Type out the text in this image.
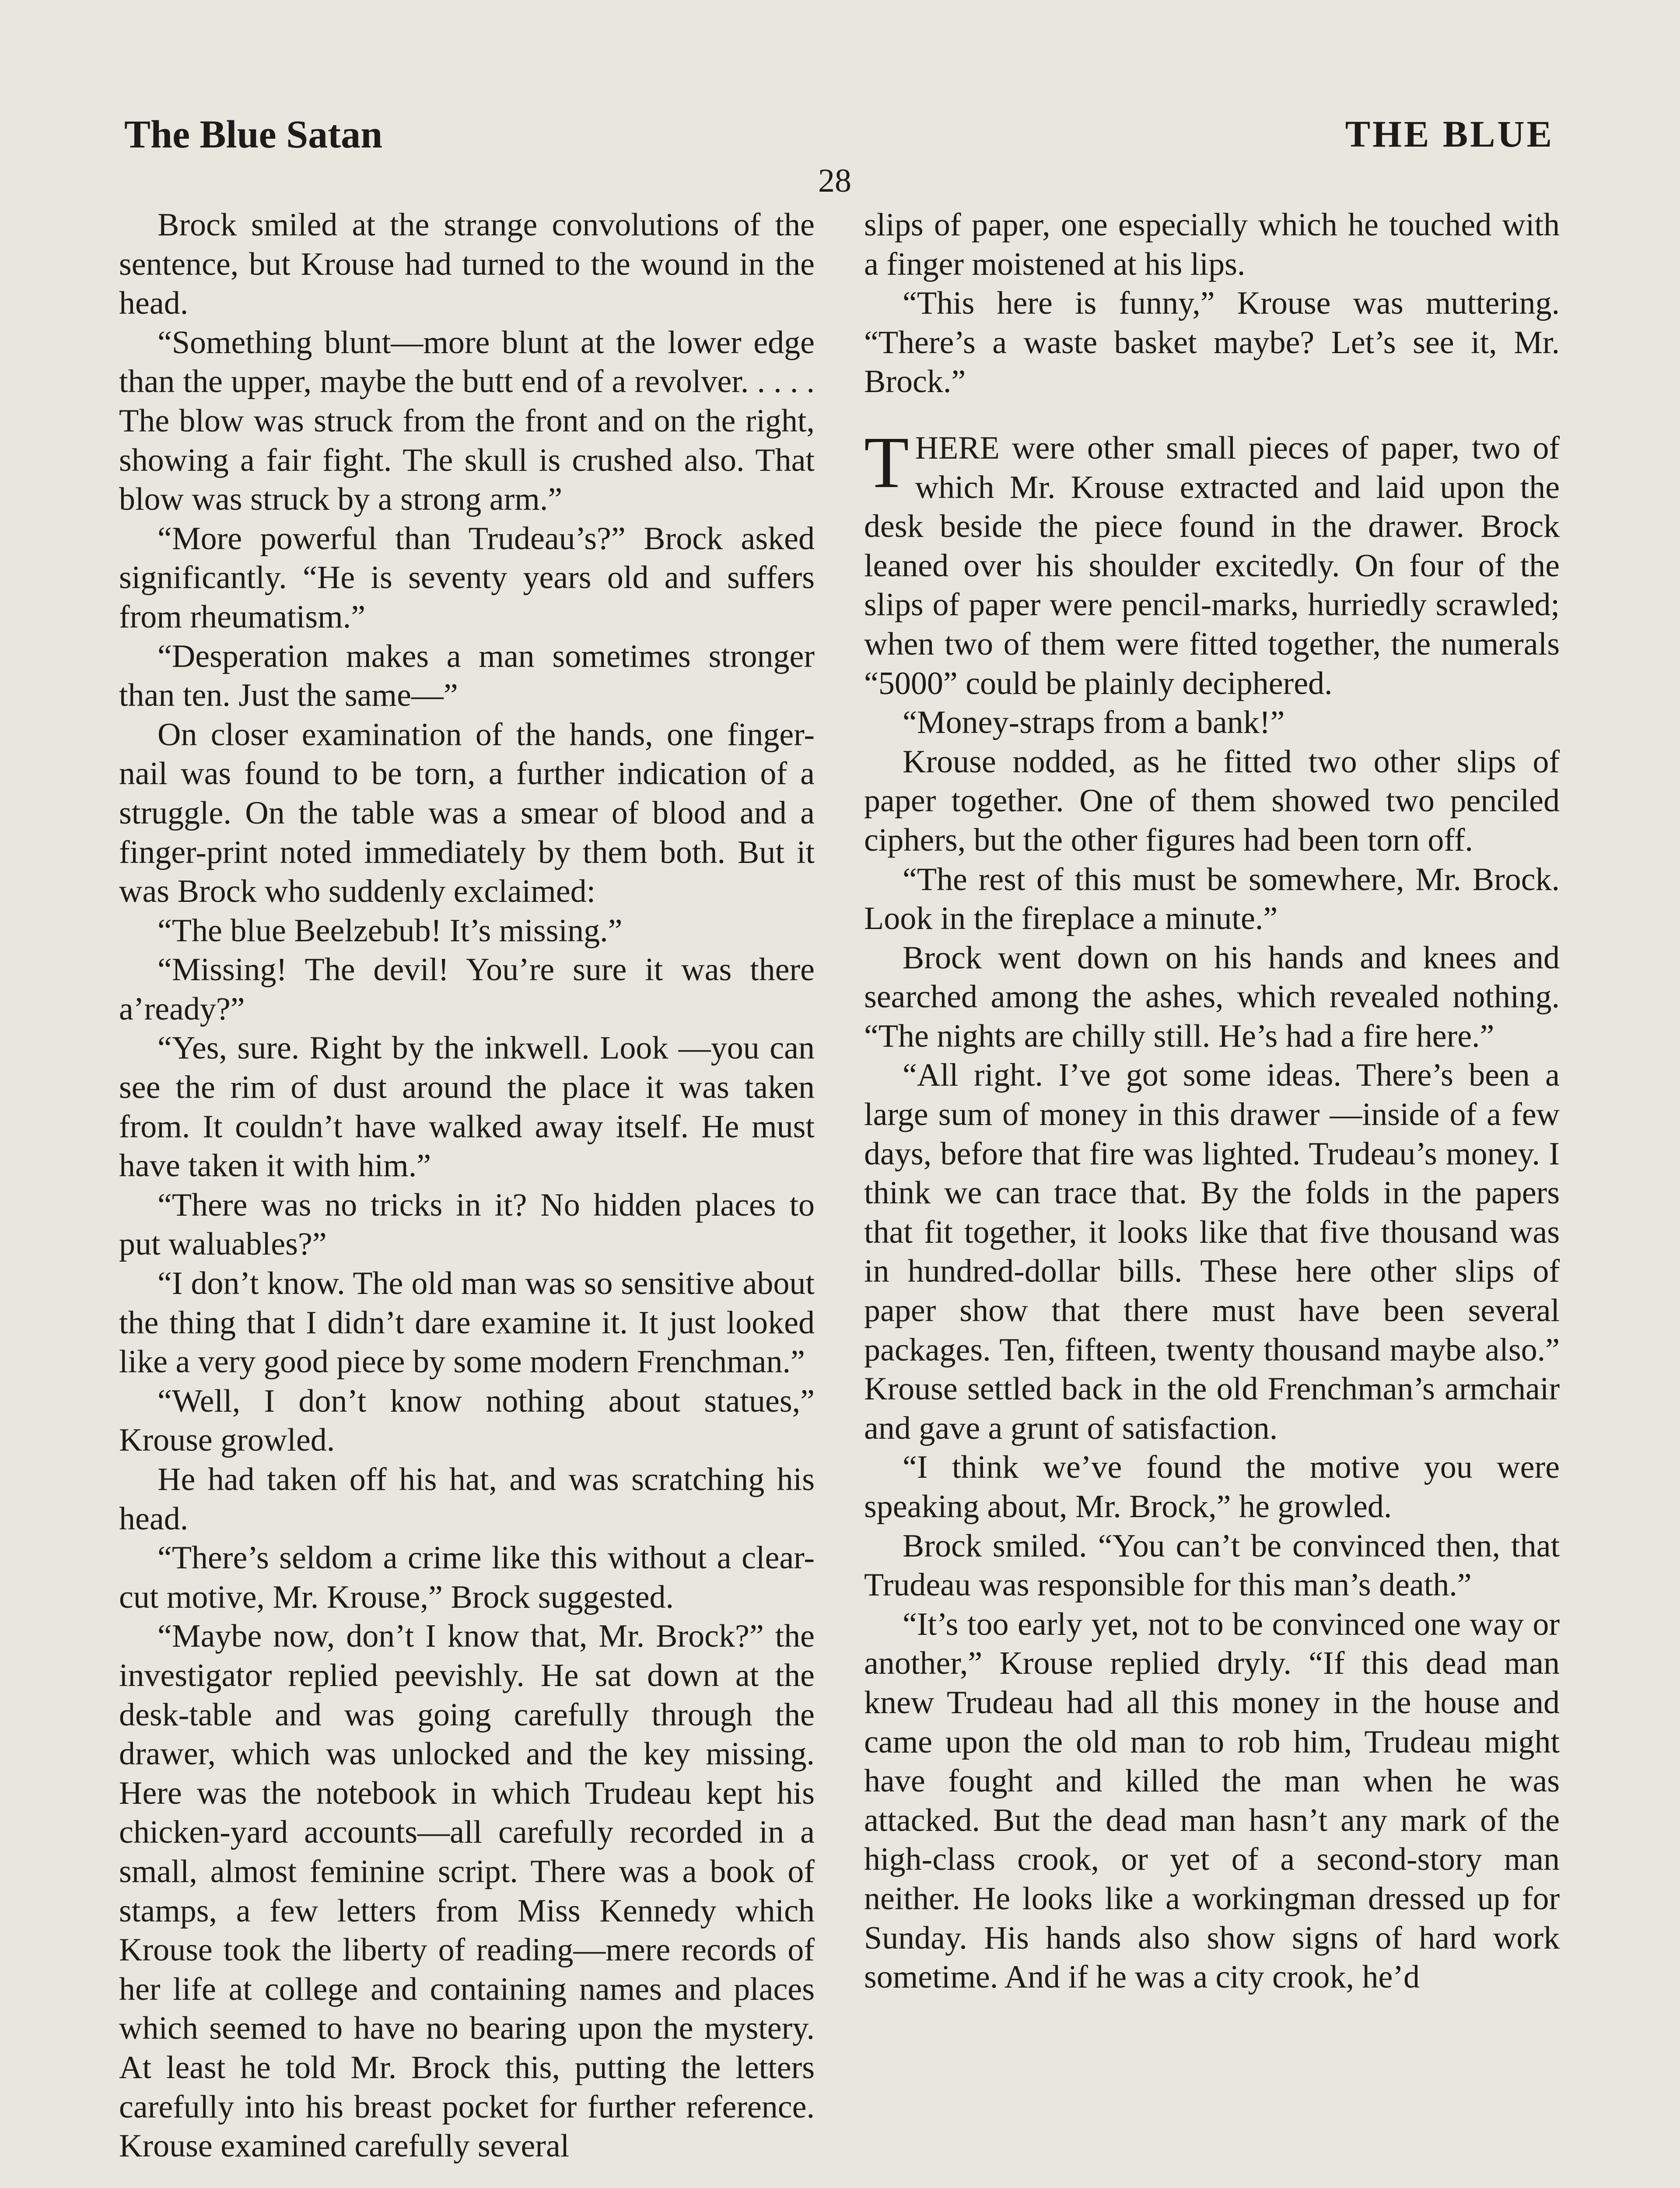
The Blue Satan	THE BLUE
28

Brock smiled at the strange convolutions of the sentence, but Krouse had turned to the wound in the head.

“Something blunt—more blunt at the lower edge than the upper, maybe the butt end of a revolver. . . . . The blow was struck from the front and on the right, showing a fair fight. The skull is crushed also. That blow was struck by a strong arm.”

“More powerful than Trudeau’s?” Brock asked significantly. “He is seventy years old and suffers from rheumatism.”

“Desperation makes a man sometimes stronger than ten. Just the same—”

On closer examination of the hands, one finger-nail was found to be torn, a further indication of a struggle. On the table was a smear of blood and a finger-print noted immediately by them both. But it was Brock who suddenly exclaimed:

“The blue Beelzebub! It’s missing.”

“Missing! The devil! You’re sure it was there a’ready?”

“Yes, sure. Right by the inkwell. Look —you can see the rim of dust around the place it was taken from. It couldn’t have walked away itself. He must have taken it with him.”

“There was no tricks in it? No hidden places to put waluables?”

“I don’t know. The old man was so sensitive about the thing that I didn’t dare examine it. It just looked like a very good piece by some modern Frenchman.”

“Well, I don’t know nothing about statues,” Krouse growled.

He had taken off his hat, and was scratching his head.

“There’s seldom a crime like this without a clear-cut motive, Mr. Krouse,” Brock suggested.

“Maybe now, don’t I know that, Mr. Brock?” the investigator replied peevishly. He sat down at the desk-table and was going carefully through the drawer, which was unlocked and the key missing. Here was the notebook in which Trudeau kept his chicken-yard accounts—all carefully recorded in a small, almost feminine script. There was a book of stamps, a few letters from Miss Kennedy which Krouse took the liberty of reading—mere records of her life at college and containing names and places which seemed to have no bearing upon the mystery. At least he told Mr. Brock this, putting the letters carefully into his breast pocket for further reference. Krouse examined carefully several

slips of paper, one especially which he touched with a finger moistened at his lips.

“This here is funny,” Krouse was muttering. “There’s a waste basket maybe? Let’s see it, Mr. Brock.”

THERE were other small pieces of paper, two of which Mr. Krouse extracted and laid upon the desk beside the piece found in the drawer. Brock leaned over his shoulder excitedly. On four of the slips of paper were pencil-marks, hurriedly scrawled; when two of them were fitted together, the numerals “5000” could be plainly deciphered.

“Money-straps from a bank!”

Krouse nodded, as he fitted two other slips of paper together. One of them showed two penciled ciphers, but the other figures had been torn off.

“The rest of this must be somewhere, Mr. Brock. Look in the fireplace a minute.”

Brock went down on his hands and knees and searched among the ashes, which revealed nothing. “The nights are chilly still. He’s had a fire here.”

“All right. I’ve got some ideas. There’s been a large sum of money in this drawer —inside of a few days, before that fire was lighted. Trudeau’s money. I think we can trace that. By the folds in the papers that fit together, it looks like that five thousand was in hundred-dollar bills. These here other slips of paper show that there must have been several packages. Ten, fifteen, twenty thousand maybe also.” Krouse settled back in the old Frenchman’s armchair and gave a grunt of satisfaction.

“I think we’ve found the motive you were speaking about, Mr. Brock,” he growled.

Brock smiled. “You can’t be convinced then, that Trudeau was responsible for this man’s death.”

“It’s too early yet, not to be convinced one way or another,” Krouse replied dryly. “If this dead man knew Trudeau had all this money in the house and came upon the old man to rob him, Trudeau might have fought and killed the man when he was attacked. But the dead man hasn’t any mark of the high-class crook, or yet of a second-story man neither. He looks like a workingman dressed up for Sunday. His hands also show signs of hard work sometime. And if he was a city crook, he’d
